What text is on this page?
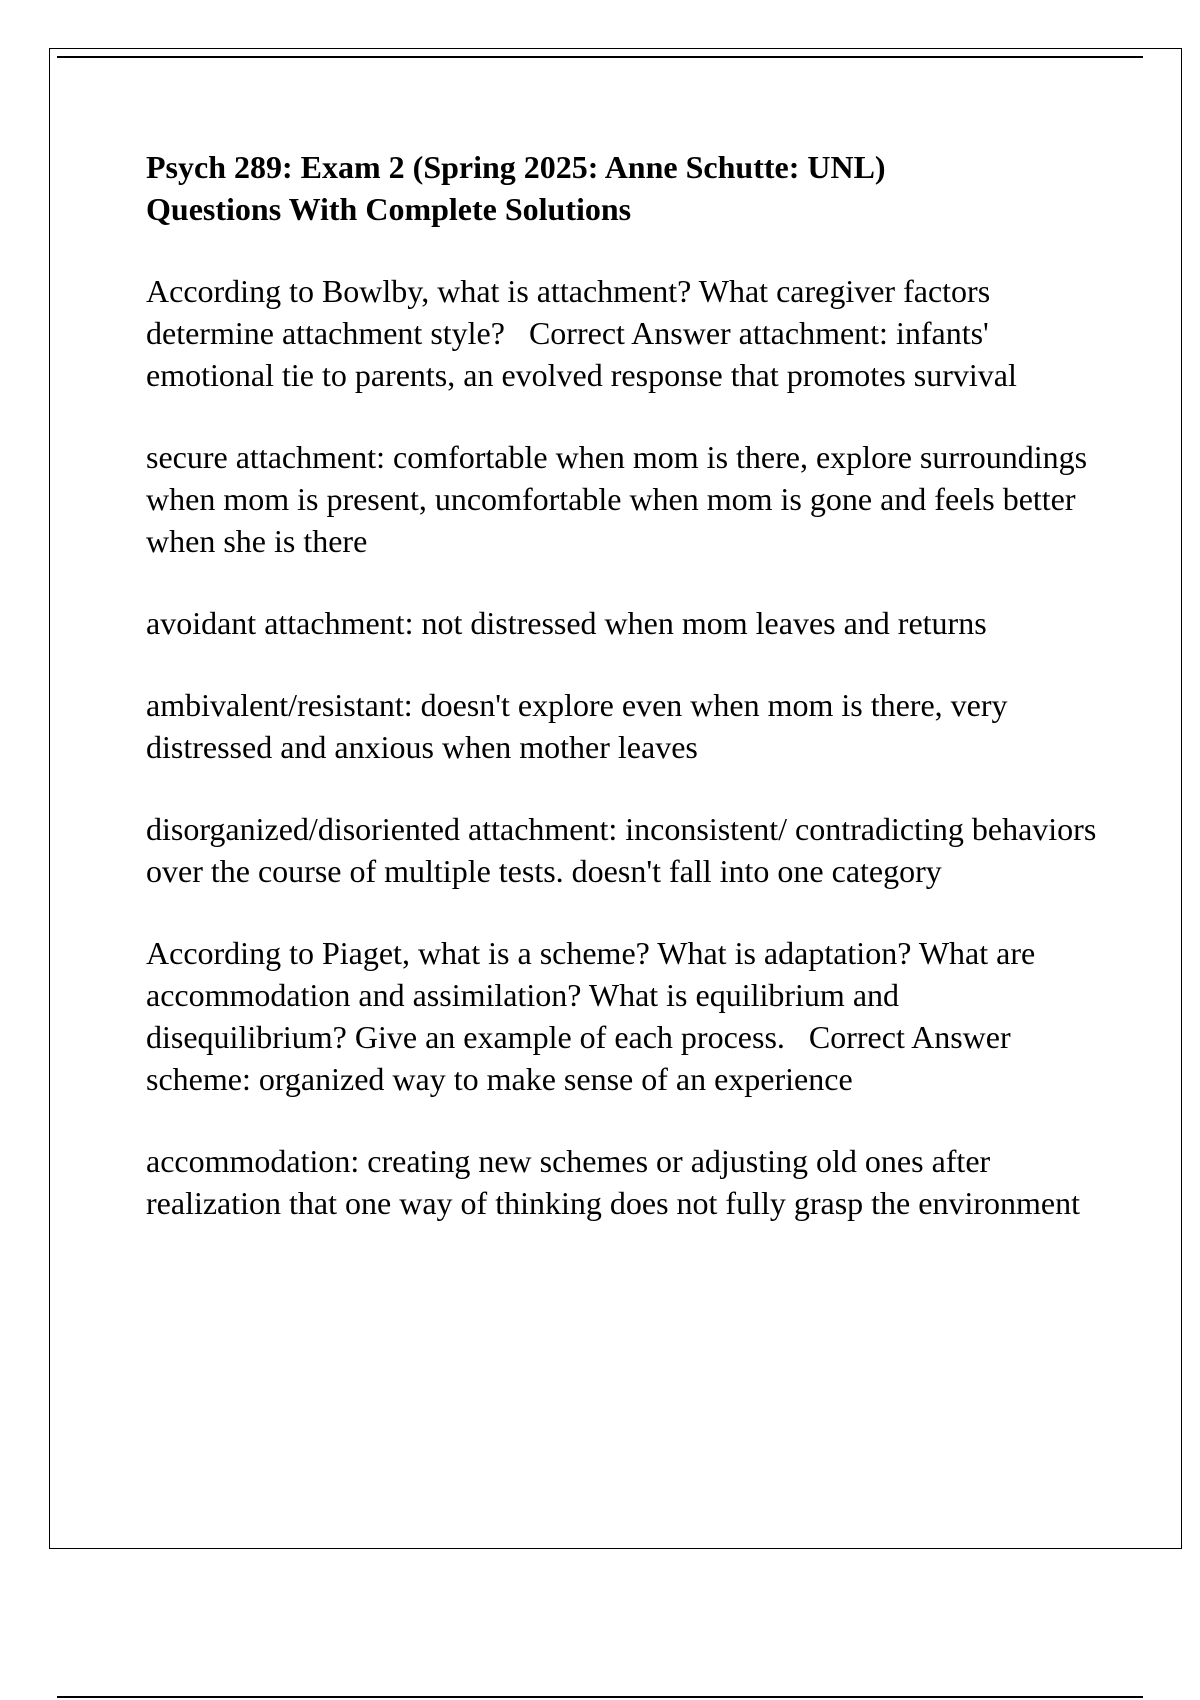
Psych 289: Exam 2 (Spring 2025: Anne Schutte: UNL)
Questions With Complete Solutions

According to Bowlby, what is attachment? What caregiver factors determine attachment style?   Correct Answer attachment: infants' emotional tie to parents, an evolved response that promotes survival

secure attachment: comfortable when mom is there, explore surroundings when mom is present, uncomfortable when mom is gone and feels better when she is there

avoidant attachment: not distressed when mom leaves and returns

ambivalent/resistant: doesn't explore even when mom is there, very distressed and anxious when mother leaves

disorganized/disoriented attachment: inconsistent/ contradicting behaviors over the course of multiple tests. doesn't fall into one category

According to Piaget, what is a scheme? What is adaptation? What are accommodation and assimilation? What is equilibrium and disequilibrium? Give an example of each process.   Correct Answer   scheme: organized way to make sense of an experience

accommodation: creating new schemes or adjusting old ones after realization that one way of thinking does not fully grasp the environment
